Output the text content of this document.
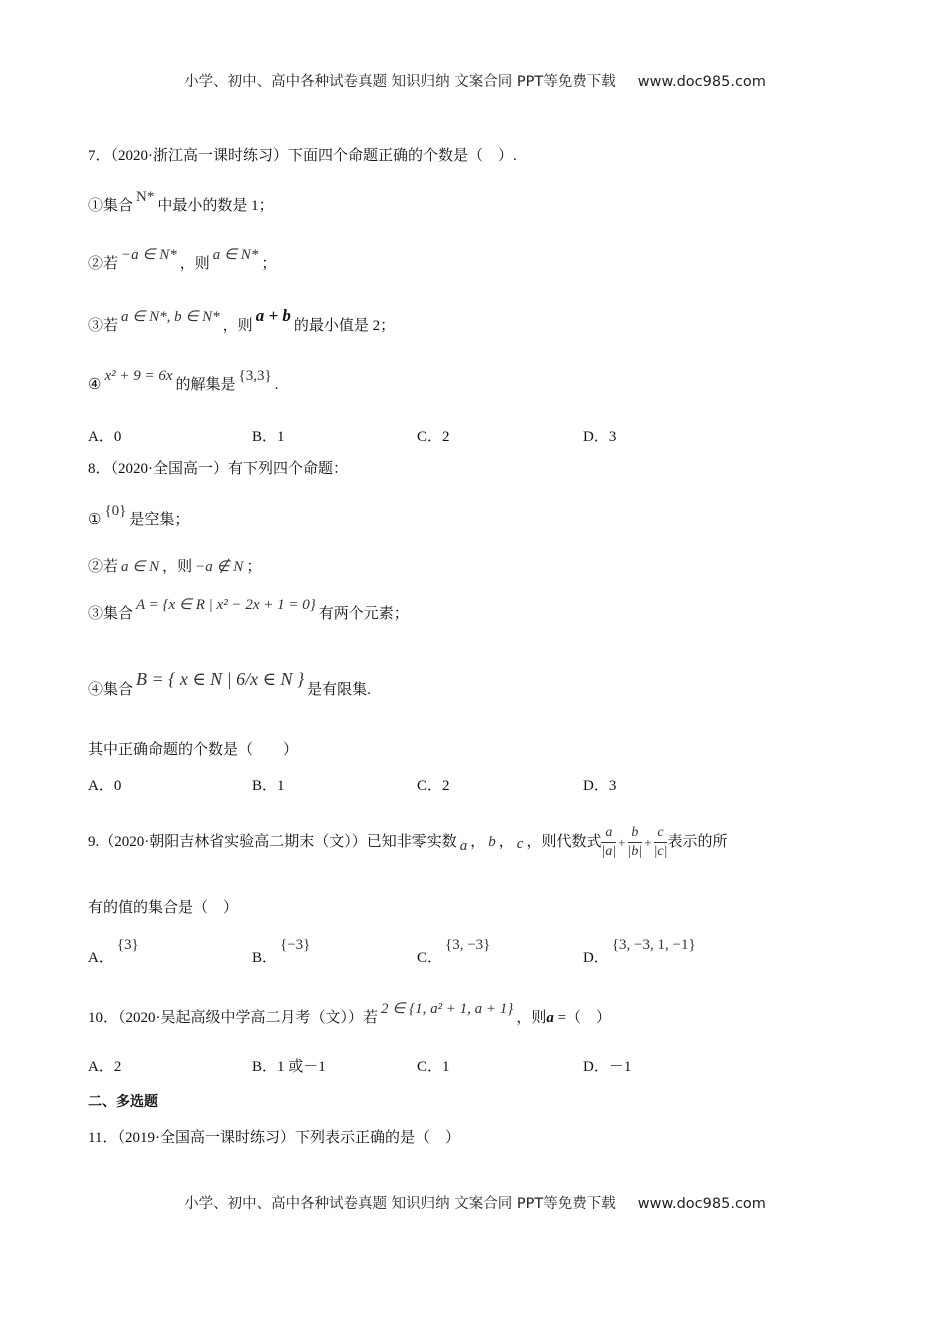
小学、初中、高中各种试卷真题 知识归纳 文案合同 PPT等免费下载 www.doc985.com
7．（2020·浙江高一课时练习）下面四个命题正确的个数是（　）.
①集合N*中最小的数是 1；
②若−a ∈ N*，则a ∈ N*；
③若a ∈ N*, b ∈ N*，则a + b的最小值是 2；
④x² + 9 = 6x的解集是{3,3}.
A．0	B．1	C．2	D．3
8．（2020·全国高一）有下列四个命题：
①{0}是空集；
②若 a ∈ N ，则 −a ∉ N ；
③集合A = {x ∈ R | x² − 2x + 1 = 0}有两个元素；
④集合B = { x ∈ N | 6/x ∈ N }是有限集.
其中正确命题的个数是（　　）
A．0	B．1	C．2	D．3
9.（2020·朝阳吉林省实验高二期末（文））已知非零实数 a ， b ， c ，则代数式 $\frac{a}{|a|} + \frac{b}{|b|} + \frac{c}{|c|}$ 表示的所
有的值的集合是（　）
A．{3}
B．{−3}
C．{3, −3}
D．{3, −3, 1, −1}
10．（2020·吴起高级中学高二月考（文））若2 ∈ {1, a² + 1, a + 1}，则a =（　）
A．2	B．1 或－1	C．1	D．－1
二、多选题
11．（2019·全国高一课时练习）下列表示正确的是（　）
小学、初中、高中各种试卷真题 知识归纳 文案合同 PPT等免费下载 www.doc985.com
